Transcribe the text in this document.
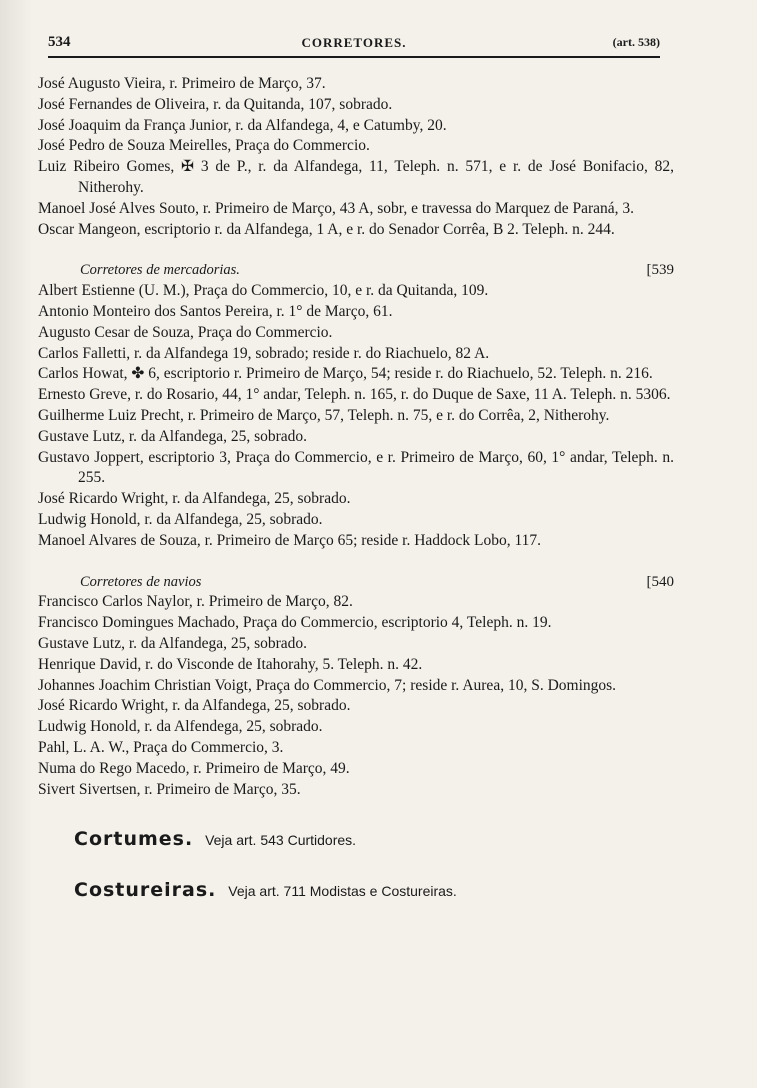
534	CORRETORES.	(art. 538)
José Augusto Vieira, r. Primeiro de Março, 37.
José Fernandes de Oliveira, r. da Quitanda, 107, sobrado.
José Joaquim da França Junior, r. da Alfandega, 4, e Catumby, 20.
José Pedro de Souza Meirelles, Praça do Commercio.
Luiz Ribeiro Gomes, ✠ 3 de P., r. da Alfandega, 11, Teleph. n. 571, e r. de José Bonifacio, 82, Nitherohy.
Manoel José Alves Souto, r. Primeiro de Março, 43 A, sobr, e travessa do Marquez de Paraná, 3.
Oscar Mangeon, escriptorio r. da Alfandega, 1 A, e r. do Senador Corrêa, B 2. Teleph. n. 244.
Corretores de mercadorias.	[539
Albert Estienne (U. M.), Praça do Commercio, 10, e r. da Quitanda, 109.
Antonio Monteiro dos Santos Pereira, r. 1° de Março, 61.
Augusto Cesar de Souza, Praça do Commercio.
Carlos Falletti, r. da Alfandega 19, sobrado; reside r. do Riachuelo, 82 A.
Carlos Howat, ✤ 6, escriptorio r. Primeiro de Março, 54; reside r. do Riachuelo, 52. Teleph. n. 216.
Ernesto Greve, r. do Rosario, 44, 1° andar, Teleph. n. 165, r. do Duque de Saxe, 11 A. Teleph. n. 5306.
Guilherme Luiz Precht, r. Primeiro de Março, 57, Teleph. n. 75, e r. do Corrêa, 2, Nitherohy.
Gustave Lutz, r. da Alfandega, 25, sobrado.
Gustavo Joppert, escriptorio 3, Praça do Commercio, e r. Primeiro de Março, 60, 1° andar, Teleph. n. 255.
José Ricardo Wright, r. da Alfandega, 25, sobrado.
Ludwig Honold, r. da Alfandega, 25, sobrado.
Manoel Alvares de Souza, r. Primeiro de Março 65; reside r. Haddock Lobo, 117.
Corretores de navios	[540
Francisco Carlos Naylor, r. Primeiro de Março, 82.
Francisco Domingues Machado, Praça do Commercio, escriptorio 4, Teleph. n. 19.
Gustave Lutz, r. da Alfandega, 25, sobrado.
Henrique David, r. do Visconde de Itahorahy, 5. Teleph. n. 42.
Johannes Joachim Christian Voigt, Praça do Commercio, 7; reside r. Aurea, 10, S. Domingos.
José Ricardo Wright, r. da Alfandega, 25, sobrado.
Ludwig Honold, r. da Alfendega, 25, sobrado.
Pahl, L. A. W., Praça do Commercio, 3.
Numa do Rego Macedo, r. Primeiro de Março, 49.
Sivert Sivertsen, r. Primeiro de Março, 35.
Cortumes. Veja art. 543 Curtidores.
Costureiras. Veja art. 711 Modistas e Costureiras.
